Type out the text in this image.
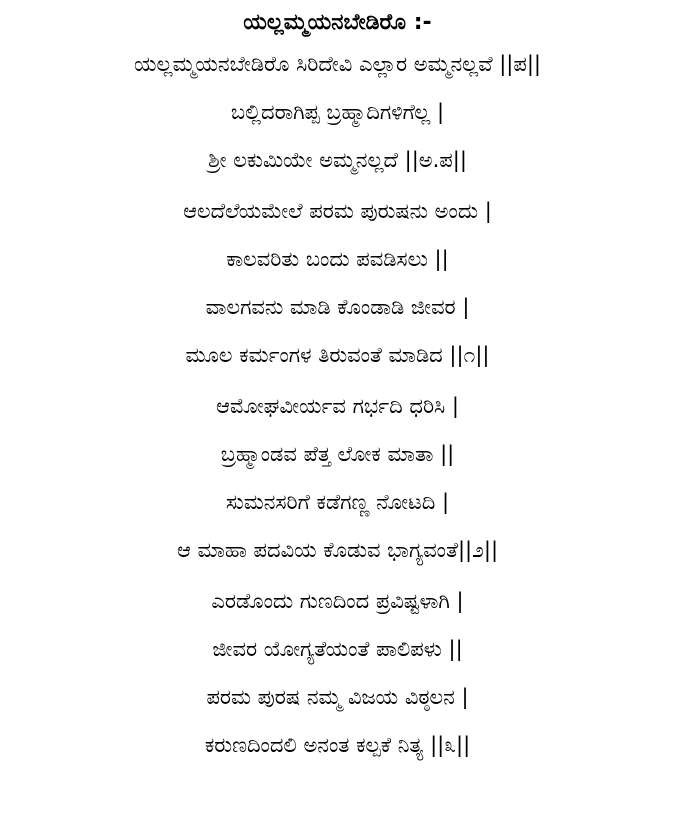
ಯಲ್ಲಮ್ಮಯನಬೇಡಿರೊ :-
ಯಲ್ಲಮ್ಮಯನಬೇಡಿರೊ ಸಿರಿದೇವಿ ಎಲ್ಲಾರ ಅಮ್ಮನಲ್ಲವೆ ||ಪ||
ಬಲ್ಲಿದರಾಗಿಪ್ಪ ಬ್ರಹ್ಮಾದಿಗಳಿಗೆಲ್ಲ |
ಶ್ರೀ ಲಕುಮಿಯೇ ಅಮ್ಮನಲ್ಲದೆ ||ಅ.ಪ||
ಆಲದೆಲೆಯಮೇಲೆ ಪರಮ ಪುರುಷನು ಅಂದು |
ಕಾಲವರಿತು ಬಂದು ಪವಡಿಸಲು ||
ವಾಲಗವನು ಮಾಡಿ ಕೊಂಡಾಡಿ ಜೀವರ |
ಮೂಲ ಕರ್ಮಂಗಳ ತಿರುವಂತೆ ಮಾಡಿದ ||೧||
ಆಮೋಘವೀರ್ಯವ ಗರ್ಭದಿ ಧರಿಸಿ |
ಬ್ರಹ್ಮಾಂಡವ ಪೆತ್ತ ಲೋಕ ಮಾತಾ ||
ಸುಮನಸರಿಗೆ ಕಡೆಗಣ್ಣ ನೋಟದಿ |
ಆ ಮಾಹಾ ಪದವಿಯ ಕೊಡುವ ಭಾಗ್ಯವಂತೆ||೨||
ಎರಡೊಂದು ಗುಣದಿಂದ ಪ್ರವಿಷ್ಟಳಾಗಿ |
ಜೀವರ ಯೋಗ್ಯತೆಯಂತೆ ಪಾಲಿಪಳು ||
ಪರಮ ಪುರಷ ನಮ್ಮ ವಿಜಯ ವಿಠ್ಠಲನ |
ಕರುಣದಿಂದಲಿ ಅನಂತ ಕಲ್ಪಕೆ ನಿತ್ಯ ||೩||
